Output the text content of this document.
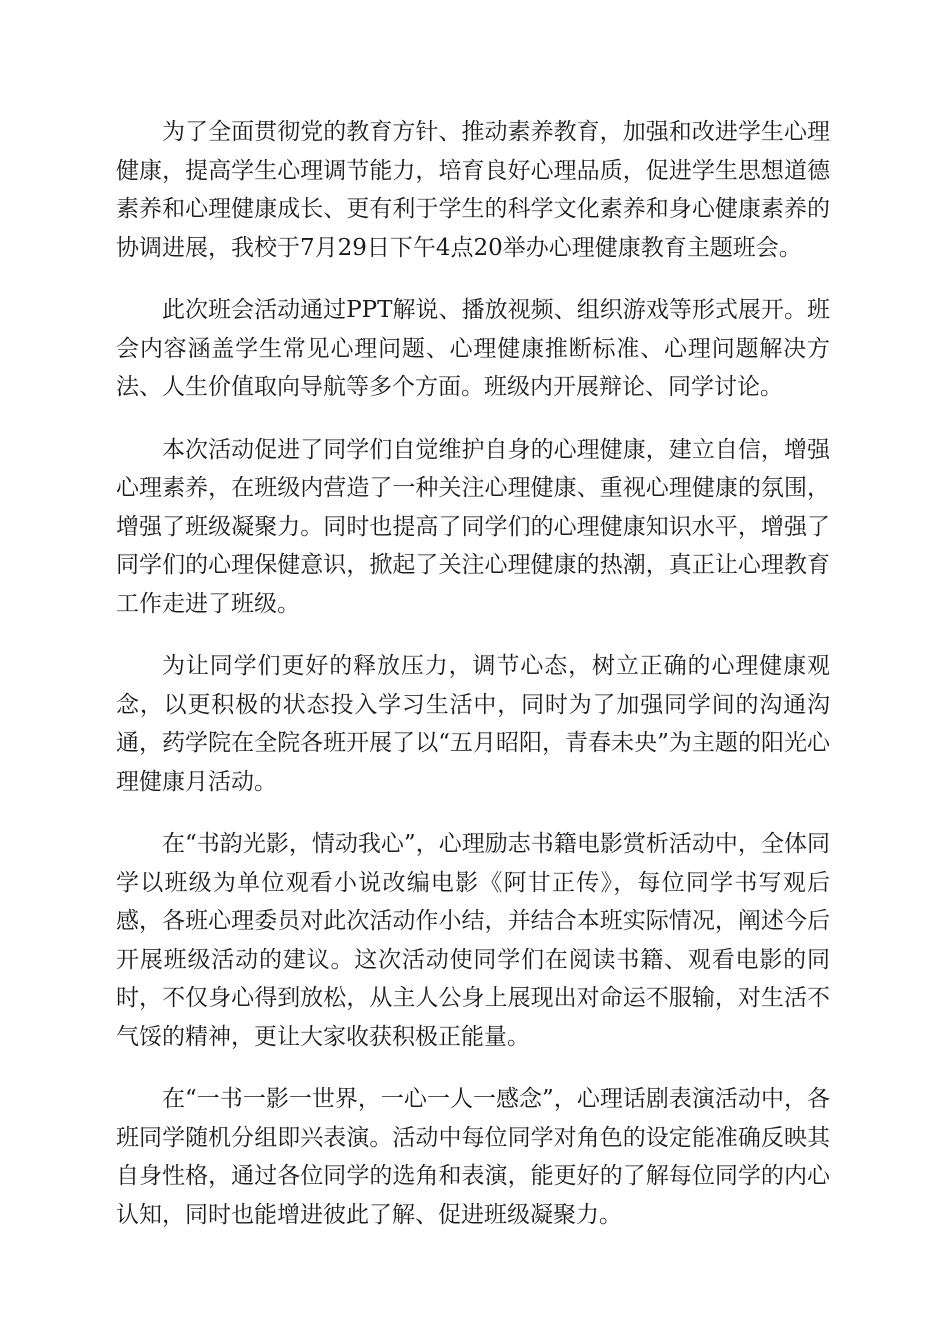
为了全面贯彻党的教育方针、推动素养教育，加强和改进学生心理健康，提高学生心理调节能力，培育良好心理品质，促进学生思想道德素养和心理健康成长、更有利于学生的科学文化素养和身心健康素养的协调进展，我校于7月29日下午4点20举办心理健康教育主题班会。

此次班会活动通过PPT解说、播放视频、组织游戏等形式展开。班会内容涵盖学生常见心理问题、心理健康推断标准、心理问题解决方法、人生价值取向导航等多个方面。班级内开展辩论、同学讨论。

本次活动促进了同学们自觉维护自身的心理健康，建立自信，增强心理素养，在班级内营造了一种关注心理健康、重视心理健康的氛围，增强了班级凝聚力。同时也提高了同学们的心理健康知识水平，增强了同学们的心理保健意识，掀起了关注心理健康的热潮，真正让心理教育工作走进了班级。

为让同学们更好的释放压力，调节心态，树立正确的心理健康观念，以更积极的状态投入学习生活中，同时为了加强同学间的沟通沟通，药学院在全院各班开展了以“五月昭阳，青春未央”为主题的阳光心理健康月活动。

在“书韵光影，情动我心”，心理励志书籍电影赏析活动中，全体同学以班级为单位观看小说改编电影《阿甘正传》，每位同学书写观后感，各班心理委员对此次活动作小结，并结合本班实际情况，阐述今后开展班级活动的建议。这次活动使同学们在阅读书籍、观看电影的同时，不仅身心得到放松，从主人公身上展现出对命运不服输，对生活不气馁的精神，更让大家收获积极正能量。

在“一书一影一世界，一心一人一感念”，心理话剧表演活动中，各班同学随机分组即兴表演。活动中每位同学对角色的设定能准确反映其自身性格，通过各位同学的选角和表演，能更好的了解每位同学的内心认知，同时也能增进彼此了解、促进班级凝聚力。
